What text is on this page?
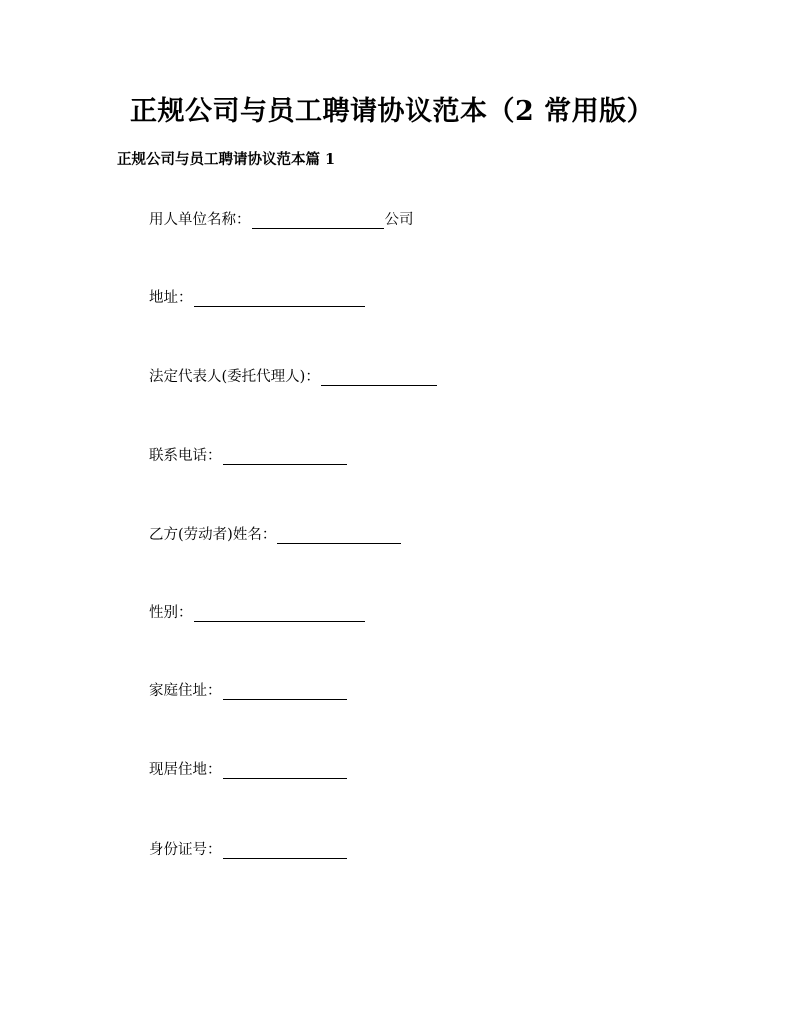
正规公司与员工聘请协议范本（2 常用版）
正规公司与员工聘请协议范本篇 1
用人单位名称：	公司
地址：
法定代表人(委托代理人)：
联系电话：
乙方(劳动者)姓名：
性别：
家庭住址：
现居住地：
身份证号：
